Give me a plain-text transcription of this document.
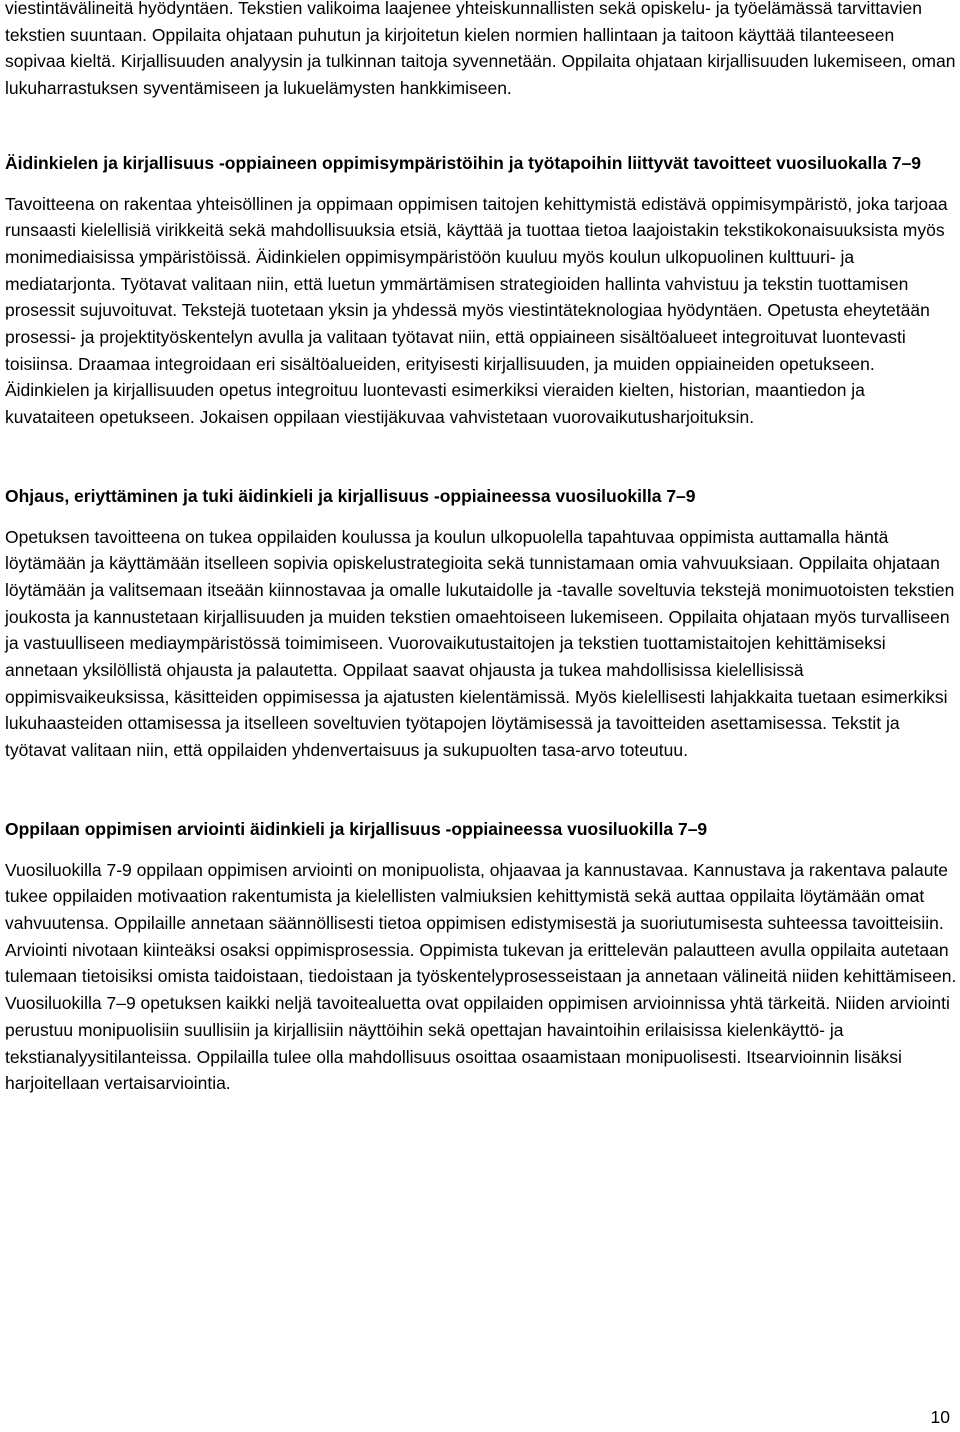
viestintävälineitä hyödyntäen. Tekstien valikoima laajenee yhteiskunnallisten sekä opiskelu- ja työelämässä tarvittavien tekstien suuntaan. Oppilaita ohjataan puhutun ja kirjoitetun kielen normien hallintaan ja taitoon käyttää tilanteeseen sopivaa kieltä. Kirjallisuuden analyysin ja tulkinnan taitoja syvennetään. Oppilaita ohjataan kirjallisuuden lukemiseen, oman lukuharrastuksen syventämiseen ja lukuelämysten hankkimiseen.

Äidinkielen ja kirjallisuus -oppiaineen oppimisympäristöihin ja työtapoihin liittyvät tavoitteet vuosiluokalla 7–9

Tavoitteena on rakentaa yhteisöllinen ja oppimaan oppimisen taitojen kehittymistä edistävä oppimisympäristö, joka tarjoaa runsaasti kielellisiä virikkeitä sekä mahdollisuuksia etsiä, käyttää ja tuottaa tietoa laajoistakin tekstikokonaisuuksista myös monimediaisissa ympäristöissä. Äidinkielen oppimisympäristöön kuuluu myös koulun ulkopuolinen kulttuuri- ja mediatarjonta. Työtavat valitaan niin, että luetun ymmärtämisen strategioiden hallinta vahvistuu ja tekstin tuottamisen prosessit sujuvoituvat. Tekstejä tuotetaan yksin ja yhdessä myös viestintäteknologiaa hyödyntäen. Opetusta eheytetään prosessi- ja projektityöskentelyn avulla ja valitaan työtavat niin, että oppiaineen sisältöalueet integroituvat luontevasti toisiinsa. Draamaa integroidaan eri sisältöalueiden, erityisesti kirjallisuuden, ja muiden oppiaineiden opetukseen. Äidinkielen ja kirjallisuuden opetus integroituu luontevasti esimerkiksi vieraiden kielten, historian, maantiedon ja kuvataiteen opetukseen. Jokaisen oppilaan viestijäkuvaa vahvistetaan vuorovaikutusharjoituksin.

Ohjaus, eriyttäminen ja tuki äidinkieli ja kirjallisuus -oppiaineessa vuosiluokilla 7–9

Opetuksen tavoitteena on tukea oppilaiden koulussa ja koulun ulkopuolella tapahtuvaa oppimista auttamalla häntä löytämään ja käyttämään itselleen sopivia opiskelustrategioita sekä tunnistamaan omia vahvuuksiaan. Oppilaita ohjataan löytämään ja valitsemaan itseään kiinnostavaa ja omalle lukutaidolle ja -tavalle soveltuvia tekstejä monimuotoisten tekstien joukosta ja kannustetaan kirjallisuuden ja muiden tekstien omaehtoiseen lukemiseen. Oppilaita ohjataan myös turvalliseen ja vastuulliseen mediaympäristössä toimimiseen. Vuorovaikutustaitojen ja tekstien tuottamistaitojen kehittämiseksi annetaan yksilöllistä ohjausta ja palautetta. Oppilaat saavat ohjausta ja tukea mahdollisissa kielellisissä oppimisvaikeuksissa, käsitteiden oppimisessa ja ajatusten kielentämissä. Myös kielellisesti lahjakkaita tuetaan esimerkiksi lukuhaasteiden ottamisessa ja itselleen soveltuvien työtapojen löytämisessä ja tavoitteiden asettamisessa. Tekstit ja työtavat valitaan niin, että oppilaiden yhdenvertaisuus ja sukupuolten tasa-arvo toteutuu.

Oppilaan oppimisen arviointi äidinkieli ja kirjallisuus -oppiaineessa vuosiluokilla 7–9

Vuosiluokilla 7-9 oppilaan oppimisen arviointi on monipuolista, ohjaavaa ja kannustavaa. Kannustava ja rakentava palaute tukee oppilaiden motivaation rakentumista ja kielellisten valmiuksien kehittymistä sekä auttaa oppilaita löytämään omat vahvuutensa. Oppilaille annetaan säännöllisesti tietoa oppimisen edistymisestä ja suoriutumisesta suhteessa tavoitteisiin. Arviointi nivotaan kiinteäksi osaksi oppimisprosessia. Oppimista tukevan ja erittelevän palautteen avulla oppilaita autetaan tulemaan tietoisiksi omista taidoistaan, tiedoistaan ja työskentelyprosesseistaan ja annetaan välineitä niiden kehittämiseen. Vuosiluokilla 7–9 opetuksen kaikki neljä tavoitealuetta ovat oppilaiden oppimisen arvioinnissa yhtä tärkeitä. Niiden arviointi perustuu monipuolisiin suullisiin ja kirjallisiin näyttöihin sekä opettajan havaintoihin erilaisissa kielenkäyttö- ja tekstianalyysitilanteissa. Oppilailla tulee olla mahdollisuus osoittaa osaamistaan monipuolisesti. Itsearvioinnin lisäksi harjoitellaan vertaisarviointia.

10
